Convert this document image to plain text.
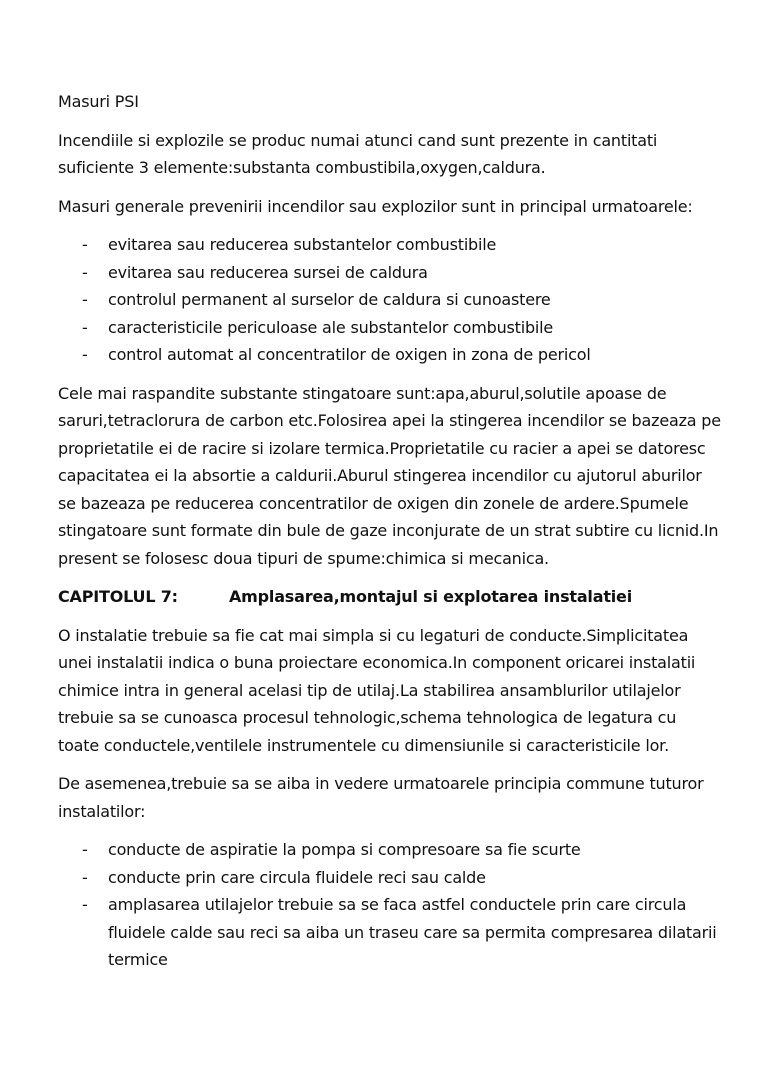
Masuri PSI

Incendiile si explozile se produc numai atunci cand sunt prezente in cantitati suficiente 3 elemente:substanta combustibila,oxygen,caldura.

Masuri generale prevenirii incendilor sau explozilor sunt in principal urmatoarele:

- evitarea sau reducerea substantelor combustibile
- evitarea sau reducerea sursei de caldura
- controlul permanent al surselor de caldura si cunoastere
- caracteristicile periculoase ale substantelor combustibile
- control automat al concentratilor de oxigen in zona de pericol

Cele mai raspandite substante stingatoare sunt:apa,aburul,solutile apoase de saruri,tetraclorura de carbon etc.Folosirea apei la stingerea incendilor se bazeaza pe proprietatile ei de racire si izolare termica.Proprietatile cu racier a apei se datoresc capacitatea ei la absortie a caldurii.Aburul stingerea incendilor cu ajutorul aburilor se bazeaza pe reducerea concentratilor de oxigen din zonele de ardere.Spumele stingatoare sunt formate din bule de gaze inconjurate de un strat subtire cu licnid.In present se folosesc doua tipuri de spume:chimica si mecanica.

CAPITOLUL 7:	Amplasarea,montajul si explotarea instalatiei

O instalatie trebuie sa fie cat mai simpla si cu legaturi de conducte.Simplicitatea unei instalatii indica o buna proiectare economica.In component oricarei instalatii chimice intra in general acelasi tip de utilaj.La stabilirea ansamblurilor utilajelor trebuie sa se cunoasca procesul tehnologic,schema tehnologica de legatura cu toate conductele,ventilele instrumentele cu dimensiunile si caracteristicile lor.

De asemenea,trebuie sa se aiba in vedere urmatoarele principia commune tuturor instalatilor:

- conducte de aspiratie la pompa si compresoare sa fie scurte
- conducte prin care circula fluidele reci sau calde
- amplasarea utilajelor trebuie sa se faca astfel conductele prin care circula fluidele calde sau reci sa aiba un traseu care sa permita compresarea dilatarii termice
